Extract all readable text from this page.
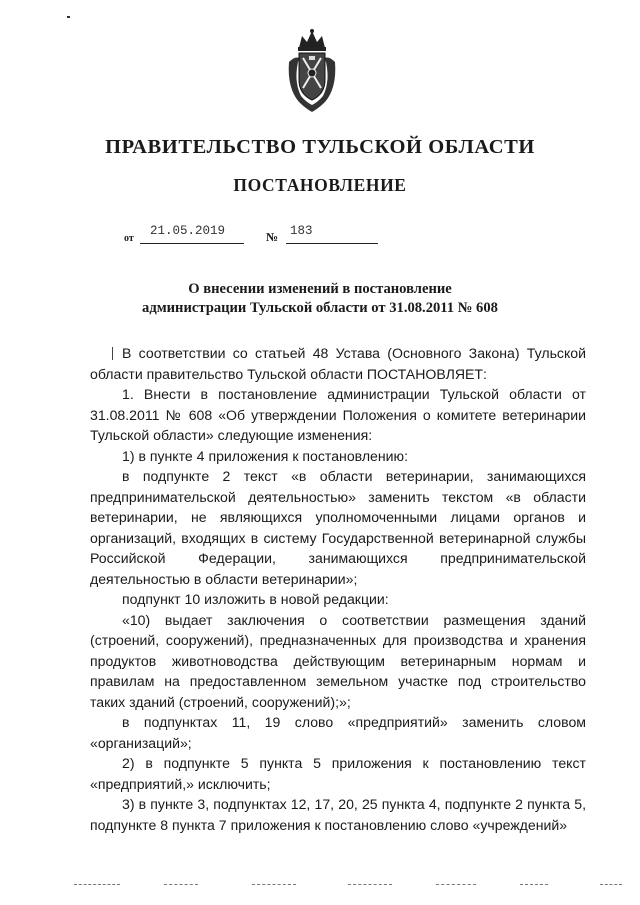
ПРАВИТЕЛЬСТВО ТУЛЬСКОЙ ОБЛАСТИ
ПОСТАНОВЛЕНИЕ
от
21.05.2019	№ 183
О внесении изменений в постановление
администрации Тульской области от 31.08.2011 № 608

В соответствии со статьей 48 Устава (Основного Закона) Тульской области правительство Тульской области ПОСТАНОВЛЯЕТ:

1. Внести в постановление администрации Тульской области от 31.08.2011 № 608 «Об утверждении Положения о комитете ветеринарии Тульской области» следующие изменения:

1) в пункте 4 приложения к постановлению:

в подпункте 2 текст «в области ветеринарии, занимающихся предпринимательской деятельностью» заменить текстом «в области ветеринарии, не являющихся уполномоченными лицами органов и организаций, входящих в систему Государственной ветеринарной службы Российской Федерации, занимающихся предпринимательской деятельностью в области ветеринарии»;

подпункт 10 изложить в новой редакции:

«10) выдает заключения о соответствии размещения зданий (строений, сооружений), предназначенных для производства и хранения продуктов животноводства действующим ветеринарным нормам и правилам на предоставленном земельном участке под строительство таких зданий (строений, сооружений);»;

в подпунктах 11, 19 слово «предприятий» заменить словом «организаций»;

2) в подпункте 5 пункта 5 приложения к постановлению текст «предприятий,» исключить;

3) в пункте 3, подпунктах 12, 17, 20, 25 пункта 4, подпункте 2 пункта 5, подпункте 8 пункта 7 приложения к постановлению слово «учреждений»
